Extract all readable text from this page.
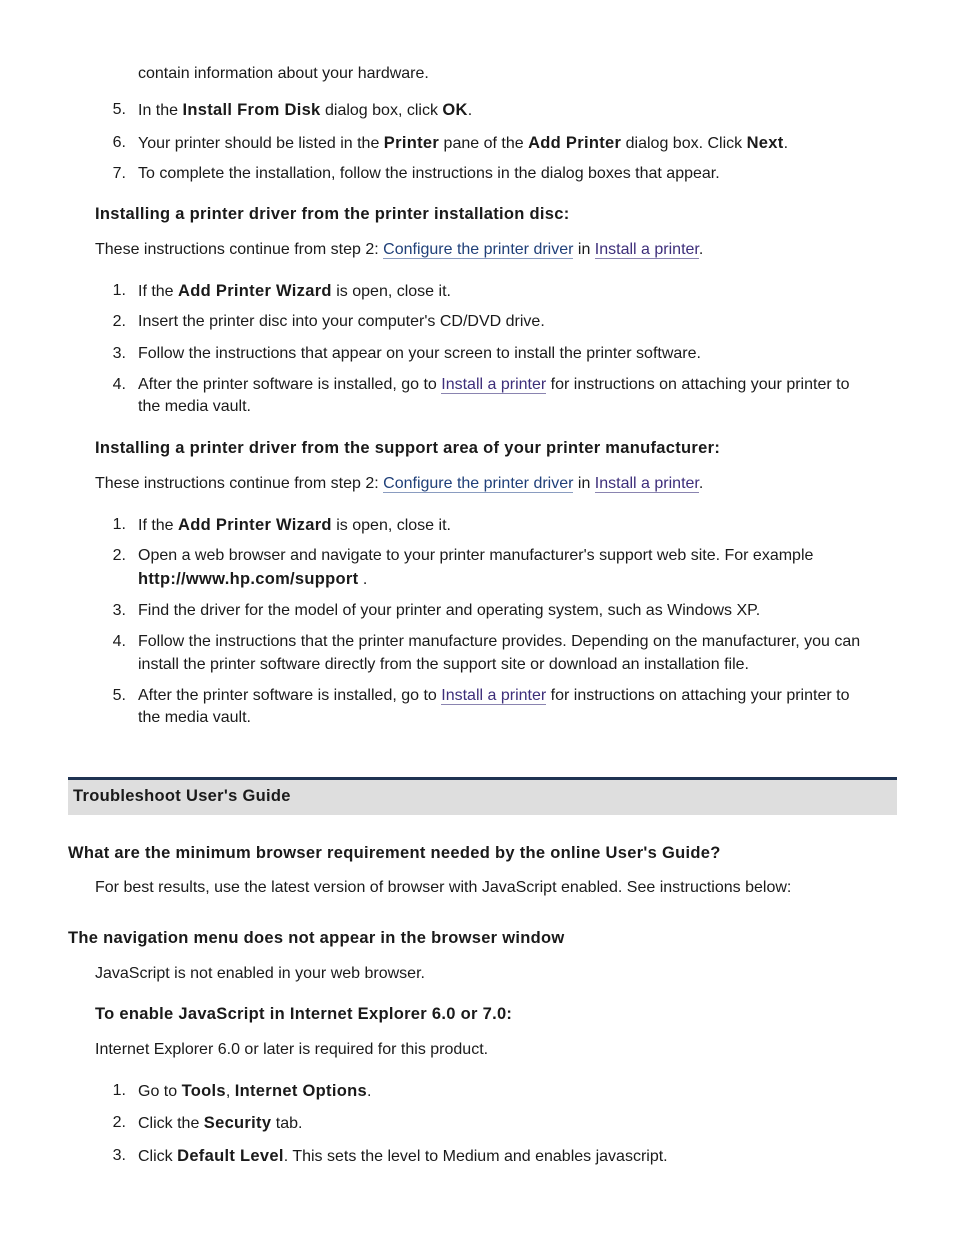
contain information about your hardware.
5. In the Install From Disk dialog box, click OK.
6. Your printer should be listed in the Printer pane of the Add Printer dialog box. Click Next.
7. To complete the installation, follow the instructions in the dialog boxes that appear.
Installing a printer driver from the printer installation disc:
These instructions continue from step 2: Configure the printer driver in Install a printer.
1. If the Add Printer Wizard is open, close it.
2. Insert the printer disc into your computer's CD/DVD drive.
3. Follow the instructions that appear on your screen to install the printer software.
4. After the printer software is installed, go to Install a printer for instructions on attaching your printer to
the media vault.
Installing a printer driver from the support area of your printer manufacturer:
These instructions continue from step 2: Configure the printer driver in Install a printer.
1. If the Add Printer Wizard is open, close it.
2. Open a web browser and navigate to your printer manufacturer's support web site. For example
http://www.hp.com/support .
3. Find the driver for the model of your printer and operating system, such as Windows XP.
4. Follow the instructions that the printer manufacture provides. Depending on the manufacturer, you can
install the printer software directly from the support site or download an installation file.
5. After the printer software is installed, go to Install a printer for instructions on attaching your printer to
the media vault.
Troubleshoot User's Guide
What are the minimum browser requirement needed by the online User's Guide?
For best results, use the latest version of browser with JavaScript enabled. See instructions below:
The navigation menu does not appear in the browser window
JavaScript is not enabled in your web browser.
To enable JavaScript in Internet Explorer 6.0 or 7.0:
Internet Explorer 6.0 or later is required for this product.
1. Go to Tools, Internet Options.
2. Click the Security tab.
3. Click Default Level. This sets the level to Medium and enables javascript.
